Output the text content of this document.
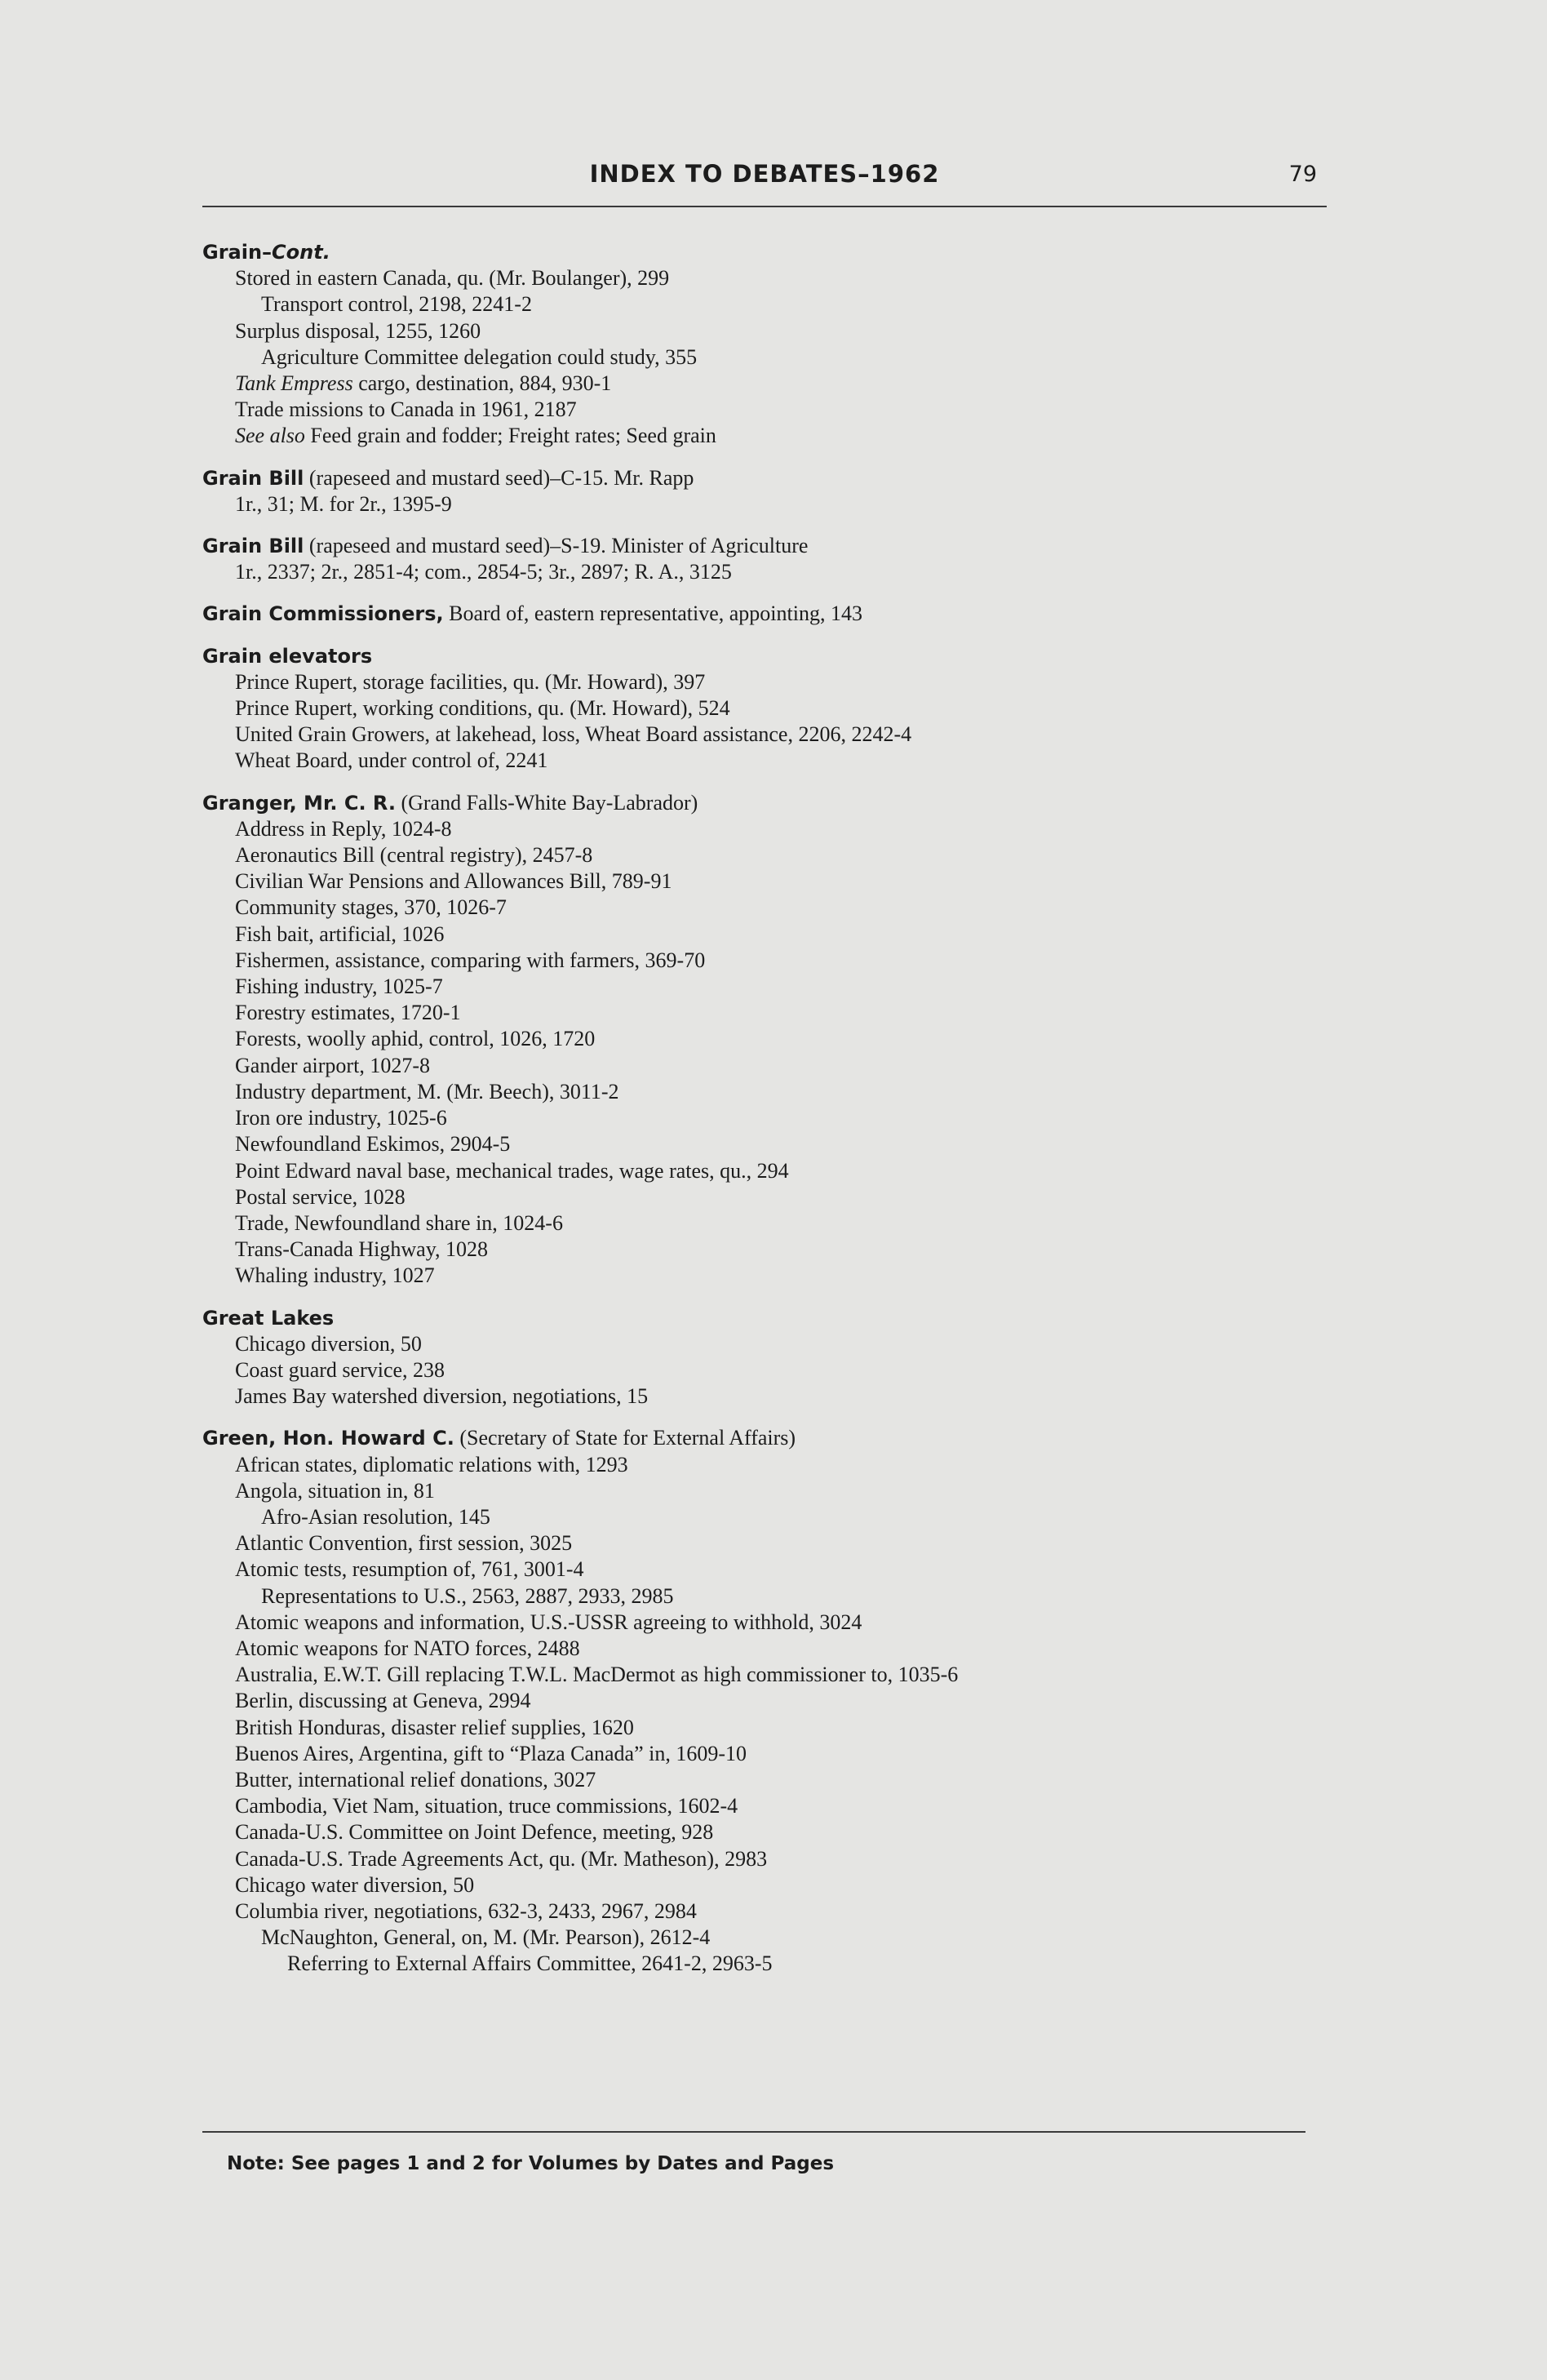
INDEX TO DEBATES–1962	79
Grain–Cont.
Stored in eastern Canada, qu. (Mr. Boulanger), 299
Transport control, 2198, 2241-2
Surplus disposal, 1255, 1260
Agriculture Committee delegation could study, 355
Tank Empress cargo, destination, 884, 930-1
Trade missions to Canada in 1961, 2187
See also Feed grain and fodder; Freight rates; Seed grain
Grain Bill (rapeseed and mustard seed)–C-15. Mr. Rapp
1r., 31; M. for 2r., 1395-9
Grain Bill (rapeseed and mustard seed)–S-19. Minister of Agriculture
1r., 2337; 2r., 2851-4; com., 2854-5; 3r., 2897; R. A., 3125
Grain Commissioners, Board of, eastern representative, appointing, 143
Grain elevators
Prince Rupert, storage facilities, qu. (Mr. Howard), 397
Prince Rupert, working conditions, qu. (Mr. Howard), 524
United Grain Growers, at lakehead, loss, Wheat Board assistance, 2206, 2242-4
Wheat Board, under control of, 2241
Granger, Mr. C. R. (Grand Falls-White Bay-Labrador)
Address in Reply, 1024-8
Aeronautics Bill (central registry), 2457-8
Civilian War Pensions and Allowances Bill, 789-91
Community stages, 370, 1026-7
Fish bait, artificial, 1026
Fishermen, assistance, comparing with farmers, 369-70
Fishing industry, 1025-7
Forestry estimates, 1720-1
Forests, woolly aphid, control, 1026, 1720
Gander airport, 1027-8
Industry department, M. (Mr. Beech), 3011-2
Iron ore industry, 1025-6
Newfoundland Eskimos, 2904-5
Point Edward naval base, mechanical trades, wage rates, qu., 294
Postal service, 1028
Trade, Newfoundland share in, 1024-6
Trans-Canada Highway, 1028
Whaling industry, 1027
Great Lakes
Chicago diversion, 50
Coast guard service, 238
James Bay watershed diversion, negotiations, 15
Green, Hon. Howard C. (Secretary of State for External Affairs)
African states, diplomatic relations with, 1293
Angola, situation in, 81
Afro-Asian resolution, 145
Atlantic Convention, first session, 3025
Atomic tests, resumption of, 761, 3001-4
Representations to U.S., 2563, 2887, 2933, 2985
Atomic weapons and information, U.S.-USSR agreeing to withhold, 3024
Atomic weapons for NATO forces, 2488
Australia, E.W.T. Gill replacing T.W.L. MacDermot as high commissioner to, 1035-6
Berlin, discussing at Geneva, 2994
British Honduras, disaster relief supplies, 1620
Buenos Aires, Argentina, gift to “Plaza Canada” in, 1609-10
Butter, international relief donations, 3027
Cambodia, Viet Nam, situation, truce commissions, 1602-4
Canada-U.S. Committee on Joint Defence, meeting, 928
Canada-U.S. Trade Agreements Act, qu. (Mr. Matheson), 2983
Chicago water diversion, 50
Columbia river, negotiations, 632-3, 2433, 2967, 2984
McNaughton, General, on, M. (Mr. Pearson), 2612-4
Referring to External Affairs Committee, 2641-2, 2963-5
Note: See pages 1 and 2 for Volumes by Dates and Pages
